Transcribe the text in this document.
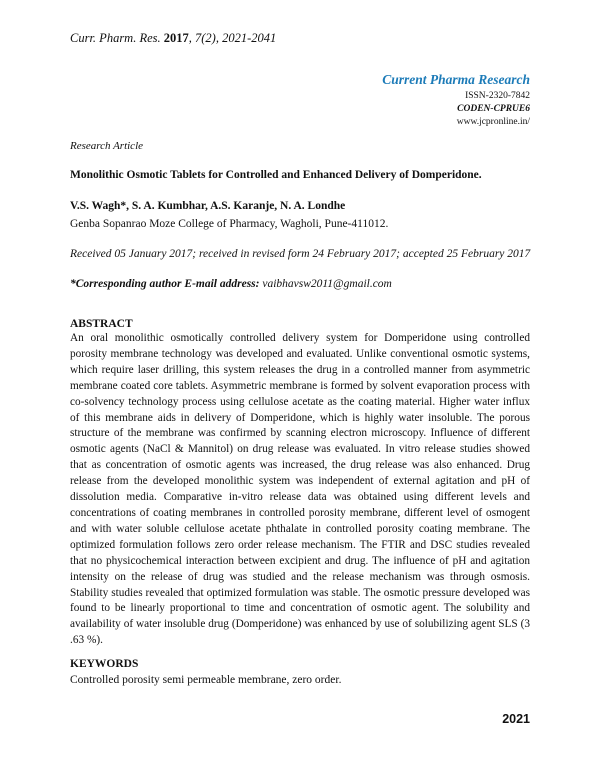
Curr. Pharm. Res. 2017, 7(2), 2021-2041
Current Pharma Research
ISSN-2320-7842
CODEN-CPRUE6
www.jcpronline.in/
Research Article
Monolithic Osmotic Tablets for Controlled and Enhanced Delivery of Domperidone.
V.S. Wagh*, S. A. Kumbhar, A.S. Karanje, N. A. Londhe
Genba Sopanrao Moze College of Pharmacy, Wagholi, Pune-411012.
Received 05 January 2017; received in revised form 24 February 2017; accepted 25 February 2017
*Corresponding author E-mail address: vaibhavsw2011@gmail.com
ABSTRACT
An oral monolithic osmotically controlled delivery system for Domperidone using controlled porosity membrane technology was developed and evaluated. Unlike conventional osmotic systems, which require laser drilling, this system releases the drug in a controlled manner from asymmetric membrane coated core tablets. Asymmetric membrane is formed by solvent evaporation process with co-solvency technology process using cellulose acetate as the coating material. Higher water influx of this membrane aids in delivery of Domperidone, which is highly water insoluble. The porous structure of the membrane was confirmed by scanning electron microscopy. Influence of different osmotic agents (NaCl & Mannitol) on drug release was evaluated. In vitro release studies showed that as concentration of osmotic agents was increased, the drug release was also enhanced. Drug release from the developed monolithic system was independent of external agitation and pH of dissolution media. Comparative in-vitro release data was obtained using different levels and concentrations of coating membranes in controlled porosity membrane, different level of osmogent and with water soluble cellulose acetate phthalate in controlled porosity coating membrane. The optimized formulation follows zero order release mechanism. The FTIR and DSC studies revealed that no physicochemical interaction between excipient and drug. The influence of pH and agitation intensity on the release of drug was studied and the release mechanism was through osmosis. Stability studies revealed that optimized formulation was stable. The osmotic pressure developed was found to be linearly proportional to time and concentration of osmotic agent. The solubility and availability of water insoluble drug (Domperidone) was enhanced by use of solubilizing agent SLS (3 .63 %).
KEYWORDS
Controlled porosity semi permeable membrane, zero order.
2021
